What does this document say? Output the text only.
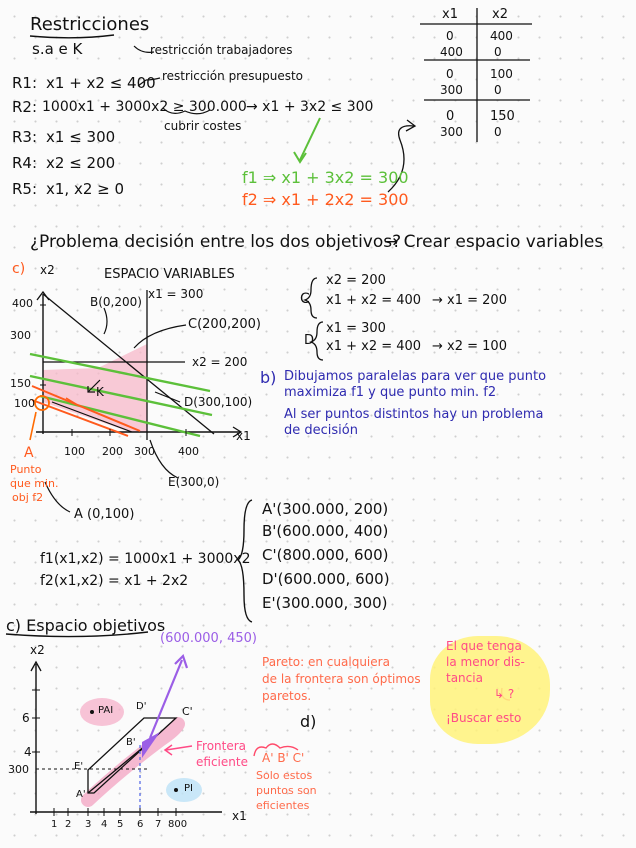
Restricciones
s.a e K	restricción trabajadores
restricción presupuesto
R1: x1 + x2 ≤ 400
R2: 1000x1 + 3000x2 ≥ 300.000 → x1 + 3x2 ≤ 300
cubrir costes
R3: x1 ≤ 300
R4: x2 ≤ 200
R5: x1, x2 ≥ 0
f1 ⇒ x1 + 3x2 = 300
f2 ⇒ x1 + 2x2 = 300
x1	x2
0	400
400	0
0	100
300	0
0	150
300	0
¿Problema decisión entre los dos objetivos?
→ Crear espacio variables
c) x2	ESPACIO VARIABLES
x1 = 300
400
300
150
100
100 200 300 400
x1
B(0,200)
C(200,200)
x2 = 200
D(300,100)
K
E(300,0)
A
Punto
que min.
obj f2
A (0,100)
C
x2 = 200
x1 + x2 = 400 → x1 = 200
D
x1 = 300
x1 + x2 = 400 → x2 = 100
b) Dibujamos paralelas para ver que punto
maximiza f1 y que punto min. f2
Al ser puntos distintos hay un problema
de decisión
f1(x1,x2) = 1000x1 + 3000x2
f2(x1,x2) = x1 + 2x2
A'(300.000, 200)
B'(600.000, 400)
C'(800.000, 600)
D'(600.000, 600)
E'(300.000, 300)
c) Espacio objetivos
x2
(600.000, 450)
6
4
300
1 2 3 4 5 6 7 800
x1
PAI
PI
A'
B'
C'
D'
E'
Frontera
eficiente
Pareto: en cualquiera
de la frontera son óptimos
paretos.
d)
A' B' C'
Solo estos
puntos son
eficientes
El que tenga
la menor dis-
tancia
↳ ?
¡Buscar esto
